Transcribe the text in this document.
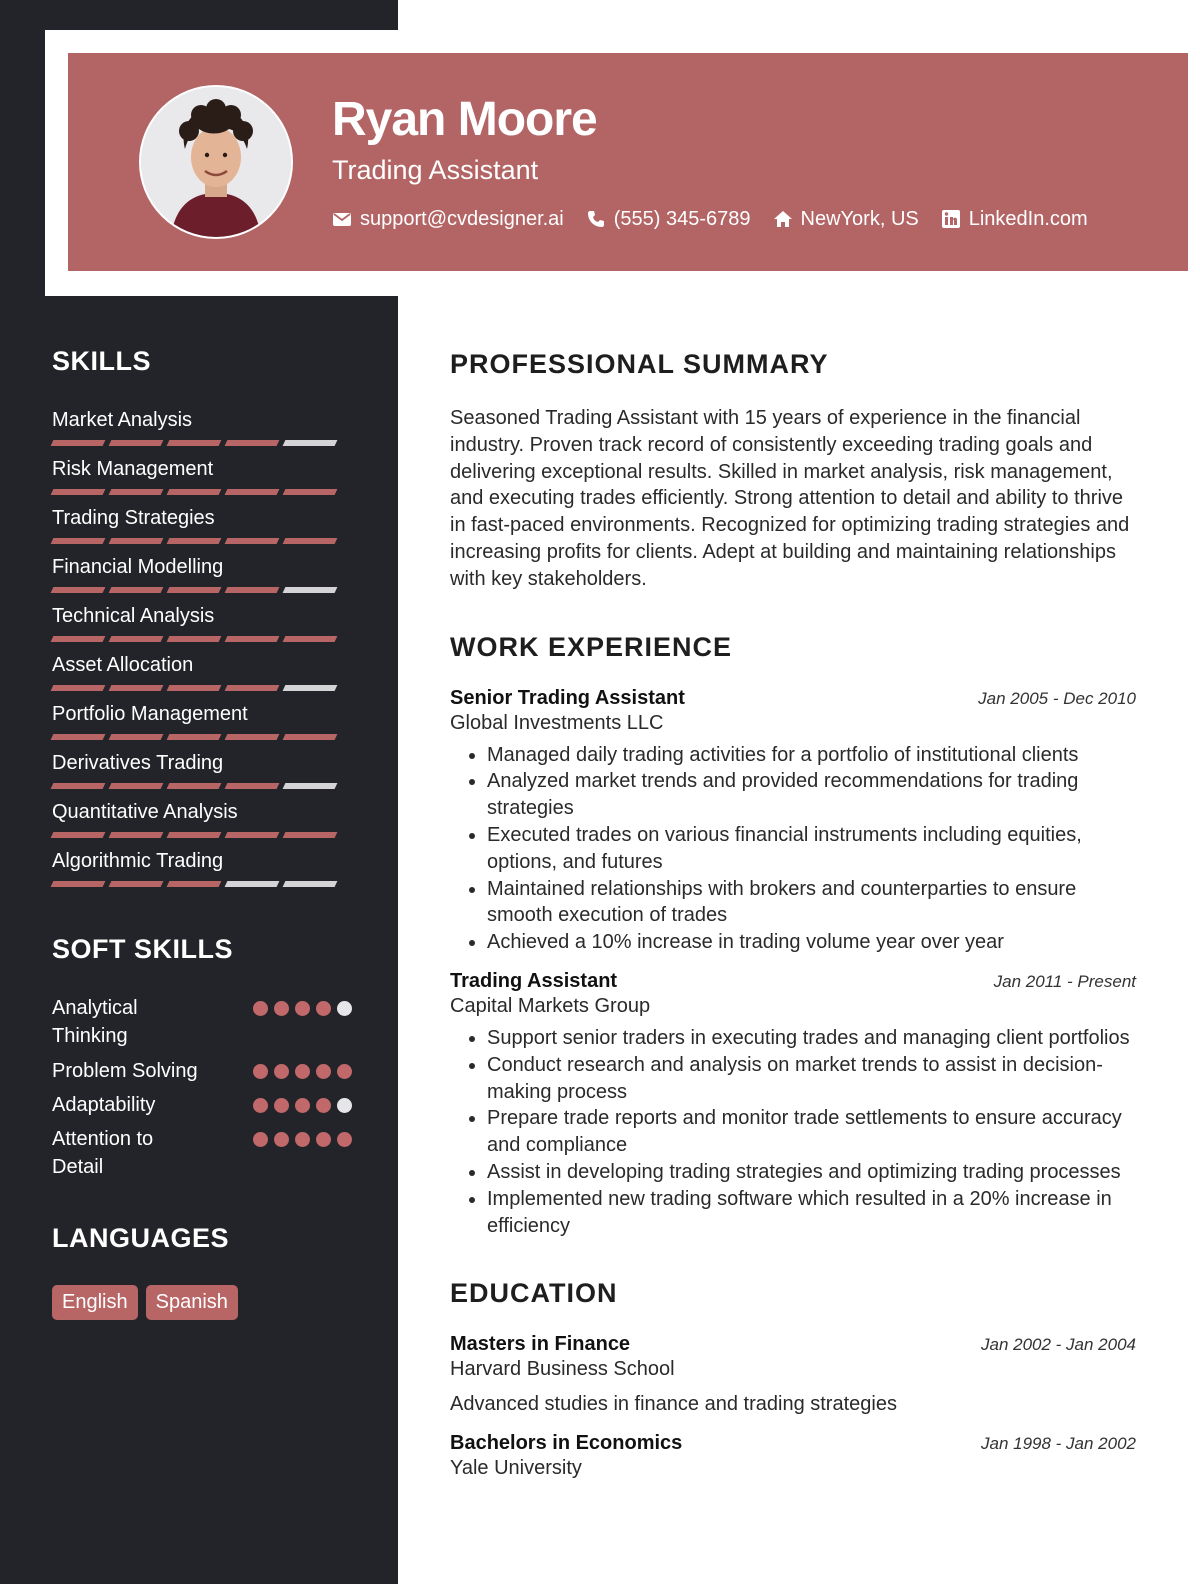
Ryan Moore
Trading Assistant
support@cvdesigner.ai	(555) 345-6789	NewYork, US	LinkedIn.com
SKILLS
Market Analysis
Risk Management
Trading Strategies
Financial Modelling
Technical Analysis
Asset Allocation
Portfolio Management
Derivatives Trading
Quantitative Analysis
Algorithmic Trading
SOFT SKILLS
Analytical Thinking
Problem Solving
Adaptability
Attention to Detail
LANGUAGES
English	Spanish
PROFESSIONAL SUMMARY
Seasoned Trading Assistant with 15 years of experience in the financial industry. Proven track record of consistently exceeding trading goals and delivering exceptional results. Skilled in market analysis, risk management, and executing trades efficiently. Strong attention to detail and ability to thrive in fast-paced environments. Recognized for optimizing trading strategies and increasing profits for clients. Adept at building and maintaining relationships with key stakeholders.
WORK EXPERIENCE
Senior Trading Assistant	Jan 2005 - Dec 2010
Global Investments LLC
• Managed daily trading activities for a portfolio of institutional clients
• Analyzed market trends and provided recommendations for trading strategies
• Executed trades on various financial instruments including equities, options, and futures
• Maintained relationships with brokers and counterparties to ensure smooth execution of trades
• Achieved a 10% increase in trading volume year over year
Trading Assistant	Jan 2011 - Present
Capital Markets Group
• Support senior traders in executing trades and managing client portfolios
• Conduct research and analysis on market trends to assist in decision-making process
• Prepare trade reports and monitor trade settlements to ensure accuracy and compliance
• Assist in developing trading strategies and optimizing trading processes
• Implemented new trading software which resulted in a 20% increase in efficiency
EDUCATION
Masters in Finance	Jan 2002 - Jan 2004
Harvard Business School
Advanced studies in finance and trading strategies
Bachelors in Economics	Jan 1998 - Jan 2002
Yale University
